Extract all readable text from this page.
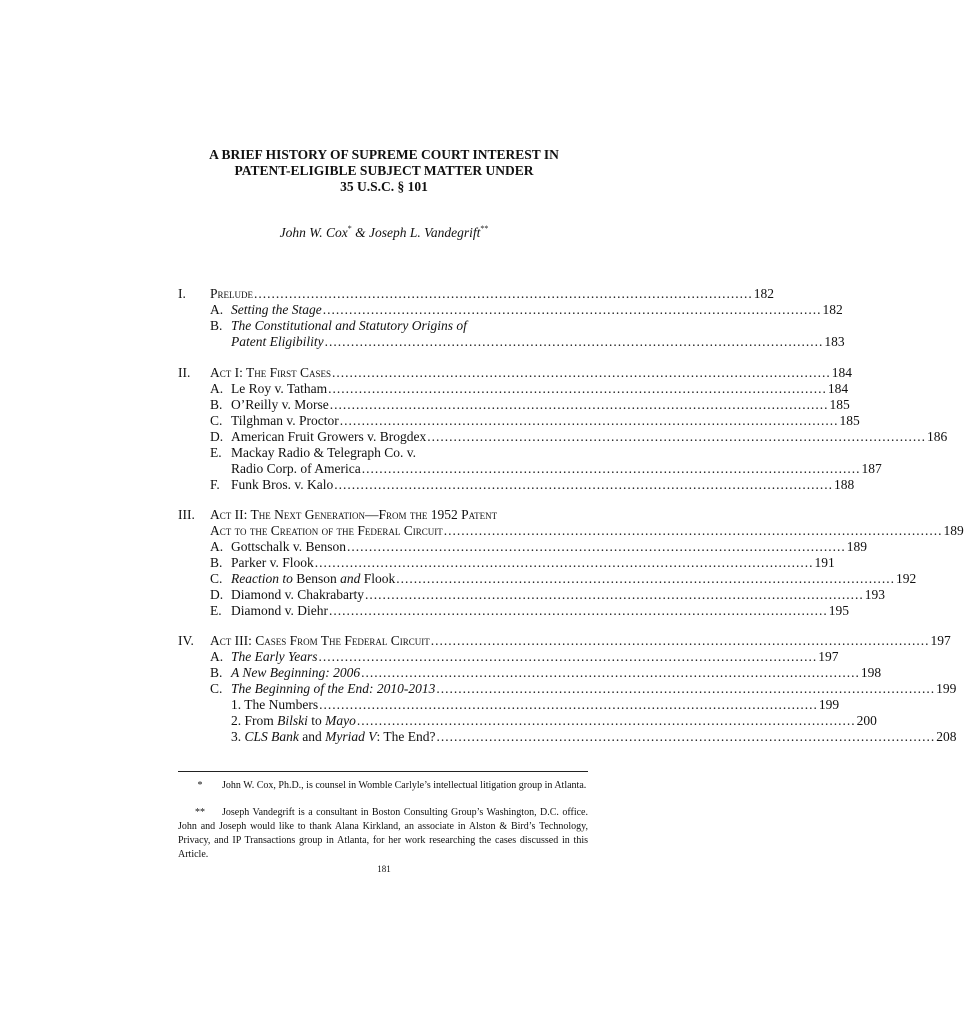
A BRIEF HISTORY OF SUPREME COURT INTEREST IN
PATENT-ELIGIBLE SUBJECT MATTER UNDER
35 U.S.C. § 101
John W. Cox* & Joseph L. Vandegrift**
I. Prelude .................................................................................................................. 182
A. Setting the Stage .................................................................................................................. 182
B. The Constitutional and Statutory Origins of
Patent Eligibility .................................................................................................................. 183
II. Act I: The First Cases .................................................................................................................. 184
A. Le Roy v. Tatham .................................................................................................................. 184
B. O’Reilly v. Morse .................................................................................................................. 185
C. Tilghman v. Proctor .................................................................................................................. 185
D. American Fruit Growers v. Brogdex .................................................................................................................. 186
E. Mackay Radio & Telegraph Co. v.
Radio Corp. of America .................................................................................................................. 187
F. Funk Bros. v. Kalo .................................................................................................................. 188
III. Act II: The Next Generation—From the 1952 Patent
Act to the Creation of the Federal Circuit .................................................................................................................. 189
A. Gottschalk v. Benson .................................................................................................................. 189
B. Parker v. Flook .................................................................................................................. 191
C. Reaction to Benson and Flook .................................................................................................................. 192
D. Diamond v. Chakrabarty .................................................................................................................. 193
E. Diamond v. Diehr .................................................................................................................. 195
IV. Act III: Cases From The Federal Circuit .................................................................................................................. 197
A. The Early Years .................................................................................................................. 197
B. A New Beginning: 2006 .................................................................................................................. 198
C. The Beginning of the End: 2010-2013 .................................................................................................................. 199
1. The Numbers .................................................................................................................. 199
2. From Bilski to Mayo .................................................................................................................. 200
3. CLS Bank and Myriad V: The End? .................................................................................................................. 208
* John W. Cox, Ph.D., is counsel in Womble Carlyle’s intellectual litigation group in Atlanta.
** Joseph Vandegrift is a consultant in Boston Consulting Group’s Washington, D.C. office. John and Joseph would like to thank Alana Kirkland, an associate in Alston & Bird’s Technology, Privacy, and IP Transactions group in Atlanta, for her work researching the cases discussed in this Article.
181
